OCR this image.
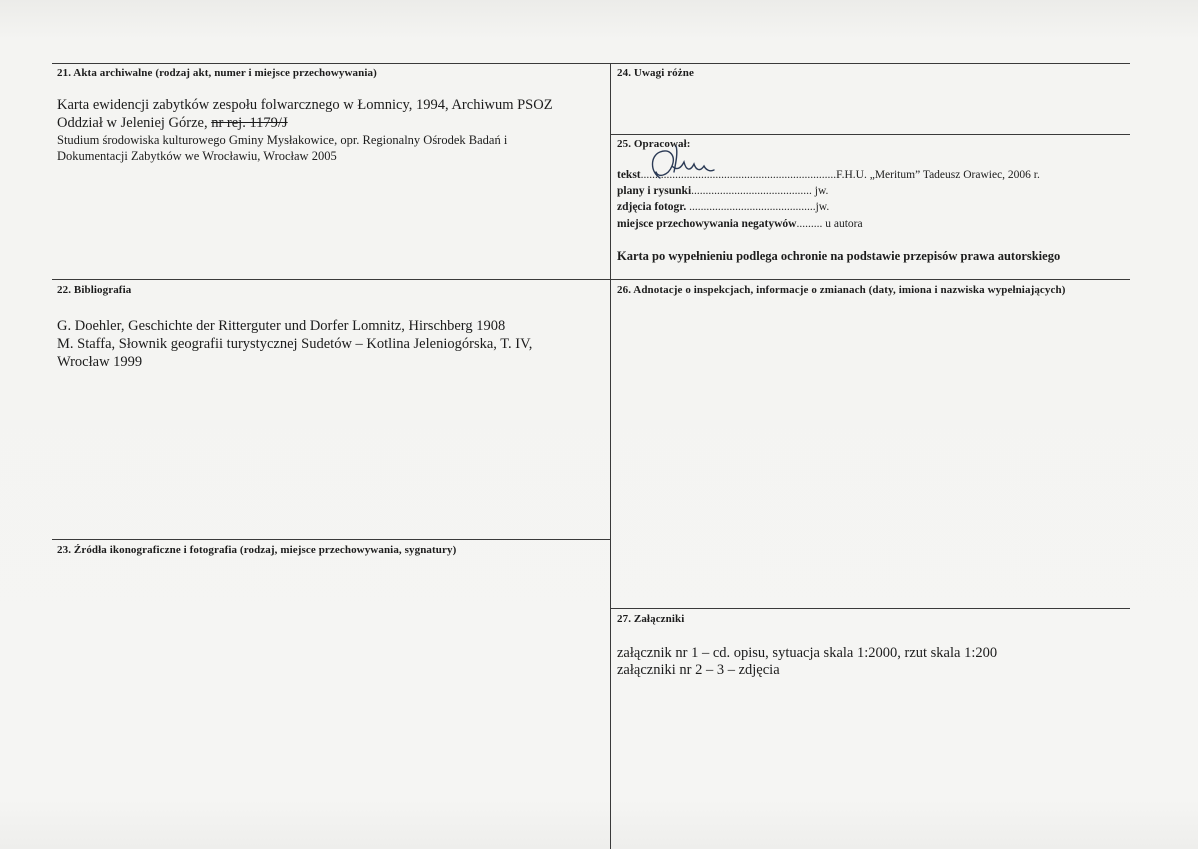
21. Akta archiwalne (rodzaj akt, numer i miejsce przechowywania)
Karta ewidencji zabytków zespołu folwarcznego w Łomnicy, 1994, Archiwum PSOZ
Oddział w Jeleniej Górze, nr rej. 1179/J
Studium środowiska kulturowego Gminy Mysłakowice, opr. Regionalny Ośrodek Badań i
Dokumentacji Zabytków we Wrocławiu, Wrocław 2005
22. Bibliografia
G. Doehler, Geschichte der Ritterguter und Dorfer Lomnitz, Hirschberg 1908
M. Staffa, Słownik geografii turystycznej Sudetów – Kotlina Jeleniogórska, T. IV,
Wrocław 1999
23. Źródła ikonograficzne i fotografia (rodzaj, miejsce przechowywania, sygnatury)
24. Uwagi różne
25. Opracował:
tekst....................................................................F.H.U. „Meritum” Tadeusz Orawiec, 2006 r.
plany i rysunki.......................................... jw.
zdjęcia fotogr. ............................................jw.
miejsce przechowywania negatywów......... u autora
Karta po wypełnieniu podlega ochronie na podstawie przepisów prawa autorskiego
26. Adnotacje o inspekcjach, informacje o zmianach (daty, imiona i nazwiska wypełniających)
27. Załączniki
załącznik nr 1 – cd. opisu, sytuacja skala 1:2000, rzut skala 1:200
załączniki nr 2 – 3 – zdjęcia
